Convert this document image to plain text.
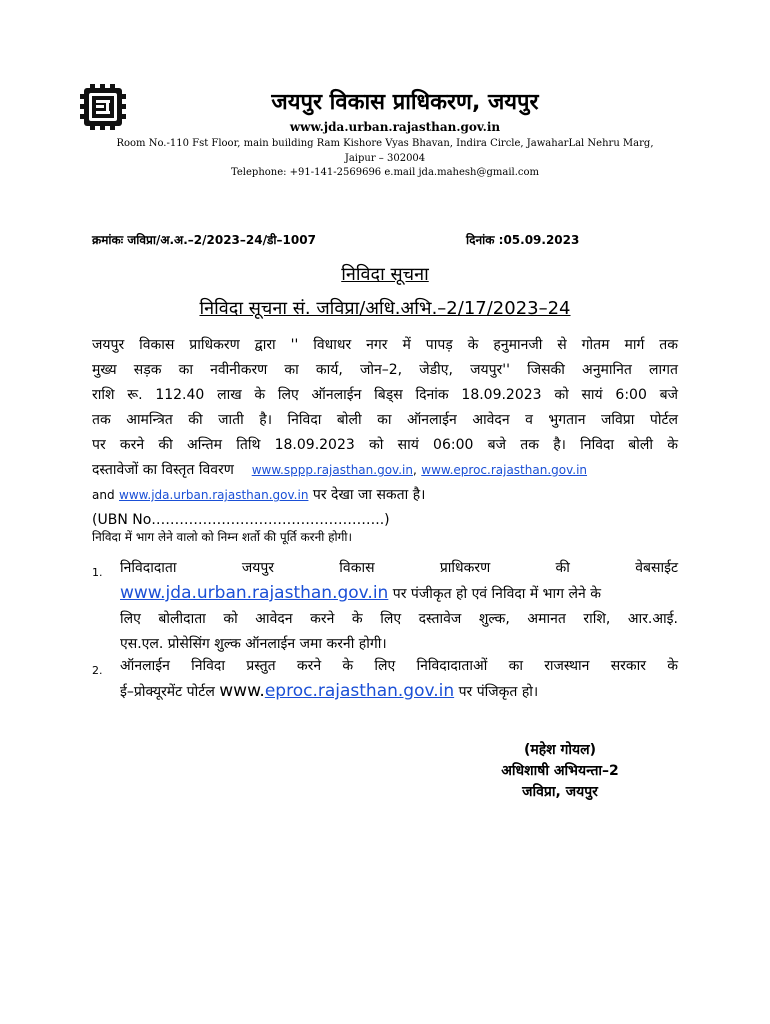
जयपुर विकास प्राधिकरण, जयपुर
www.jda.urban.rajasthan.gov.in
Room No.-110 Fst Floor, main building Ram Kishore Vyas Bhavan, Indira Circle, JawaharLal Nehru Marg,
Jaipur – 302004
Telephone: +91-141-2569696 e.mail jda.mahesh@gmail.com
क्रमांकः जविप्रा/अ.अ.–2/2023–24/डी–1007	दिनांक :05.09.2023
निविदा सूचना
निविदा सूचना सं. जविप्रा/अधि.अभि.–2/17/2023–24
जयपुर विकास प्राधिकरण द्वारा '' विधाधर नगर में पापड़ के हनुमानजी से गोतम मार्ग तक
मुख्य सड़क का नवीनीकरण का कार्य, जोन–2, जेडीए, जयपुर'' जिसकी अनुमानित लागत
राशि रू. 112.40 लाख के लिए ऑनलाईन बिड्स दिनांक 18.09.2023 को सायं 6:00 बजे
तक आमन्त्रित की जाती है। निविदा बोली का ऑनलाईन आवेदन व भुगतान जविप्रा पोर्टल
पर करने की अन्तिम तिथि 18.09.2023 को सायं 06:00 बजे तक है। निविदा बोली के
दस्तावेजों का विस्तृत विवरण www.sppp.rajasthan.gov.in, www.eproc.rajasthan.gov.in
and www.jda.urban.rajasthan.gov.in पर देखा जा सकता है।
(UBN No…………………………………………..)
निविदा में भाग लेने वालो को निम्न शर्तो की पूर्ति करनी होगी।
1. निविदादाता जयपुर विकास प्राधिकरण की वेबसाईट
www.jda.urban.rajasthan.gov.in पर पंजीकृत हो एवं निविदा में भाग लेने के
लिए बोलीदाता को आवेदन करने के लिए दस्तावेज शुल्क, अमानत राशि, आर.आई.
एस.एल. प्रोसेसिंग शुल्क ऑनलाईन जमा करनी होगी।
2. ऑनलाईन निविदा प्रस्तुत करने के लिए निविदादाताओं का राजस्थान सरकार के
ई–प्रोक्यूरमेंट पोर्टल www.eproc.rajasthan.gov.in पर पंजिकृत हो।
(महेश गोयल)
अधिशाषी अभियन्ता–2
जविप्रा, जयपुर
